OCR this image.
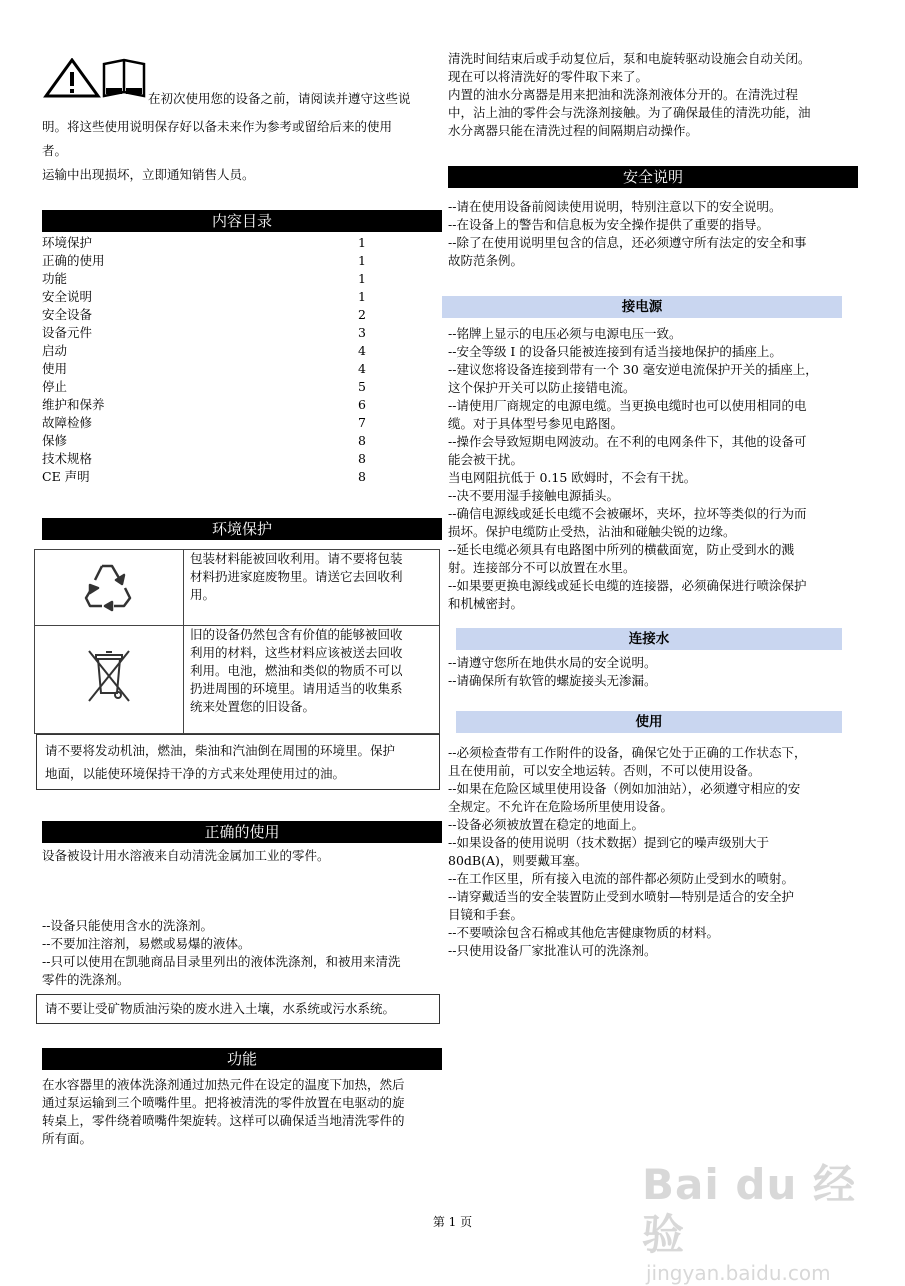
在初次使用您的设备之前，请阅读并遵守这些说

明。将这些使用说明保存好以备未来作为参考或留给后来的使用

者。

运输中出现损坏，立即通知销售人员。

内容目录
环境保护	1
正确的使用	1
功能	1
安全说明	1
安全设备	2
设备元件	3
启动	4
使用	4
停止	5
维护和保养	6
故障检修	7
保修	8
技术规格	8
CE 声明	8
环境保护

包装材料能被回收利用。请不要将包装
材料扔进家庭废物里。请送它去回收利
用。

旧的设备仍然包含有价值的能够被回收
利用的材料，这些材料应该被送去回收
利用。电池，燃油和类似的物质不可以
扔进周围的环境里。请用适当的收集系
统来处置您的旧设备。
请不要将发动机油，燃油，柴油和汽油倒在周围的环境里。保护
地面，以能使环境保持干净的方式来处理使用过的油。
正确的使用

设备被设计用水溶液来自动清洗金属加工业的零件。

--设备只能使用含水的洗涤剂。
--不要加注溶剂，易燃或易爆的液体。
--只可以使用在凯驰商品目录里列出的液体洗涤剂，和被用来清洗
零件的洗涤剂。
请不要让受矿物质油污染的废水进入土壤，水系统或污水系统。
功能
在水容器里的液体洗涤剂通过加热元件在设定的温度下加热，然后
通过泵运输到三个喷嘴件里。把将被清洗的零件放置在电驱动的旋
转桌上，零件绕着喷嘴件架旋转。这样可以确保适当地清洗零件的
所有面。
清洗时间结束后或手动复位后，泵和电旋转驱动设施会自动关闭。
现在可以将清洗好的零件取下来了。
内置的油水分离器是用来把油和洗涤剂液体分开的。在清洗过程
中，沾上油的零件会与洗涤剂接触。为了确保最佳的清洗功能，油
水分离器只能在清洗过程的间隔期启动操作。
安全说明
--请在使用设备前阅读使用说明，特别注意以下的安全说明。
--在设备上的警告和信息板为安全操作提供了重要的指导。
--除了在使用说明里包含的信息，还必须遵守所有法定的安全和事
故防范条例。
接电源
--铭牌上显示的电压必须与电源电压一致。
--安全等级 I 的设备只能被连接到有适当接地保护的插座上。
--建议您将设备连接到带有一个 30 毫安逆电流保护开关的插座上，
这个保护开关可以防止接错电流。
--请使用厂商规定的电源电缆。当更换电缆时也可以使用相同的电
缆。对于具体型号参见电路图。
--操作会导致短期电网波动。在不利的电网条件下，其他的设备可
能会被干扰。
当电网阻抗低于 0.15 欧姆时，不会有干扰。
--决不要用湿手接触电源插头。
--确信电源线或延长电缆不会被碾坏，夹坏，拉坏等类似的行为而
损坏。保护电缆防止受热，沾油和碰触尖锐的边缘。
--延长电缆必须具有电路图中所列的横截面宽，防止受到水的溅
射。连接部分不可以放置在水里。
--如果要更换电源线或延长电缆的连接器，必须确保进行喷涂保护
和机械密封。
连接水
--请遵守您所在地供水局的安全说明。
--请确保所有软管的螺旋接头无渗漏。
使用
--必须检查带有工作附件的设备，确保它处于正确的工作状态下，
且在使用前，可以安全地运转。否则，不可以使用设备。
--如果在危险区域里使用设备（例如加油站），必须遵守相应的安
全规定。不允许在危险场所里使用设备。
--设备必须被放置在稳定的地面上。
--如果设备的使用说明（技术数据）提到它的噪声级别大于
80dB(A)，则要戴耳塞。
--在工作区里，所有接入电流的部件都必须防止受到水的喷射。
--请穿戴适当的安全装置防止受到水喷射—特别是适合的安全护
目镜和手套。
--不要喷涂包含石棉或其他危害健康物质的材料。
--只使用设备厂家批准认可的洗涤剂。
第 1 页
Bai du 经验
jingyan.baidu.com
